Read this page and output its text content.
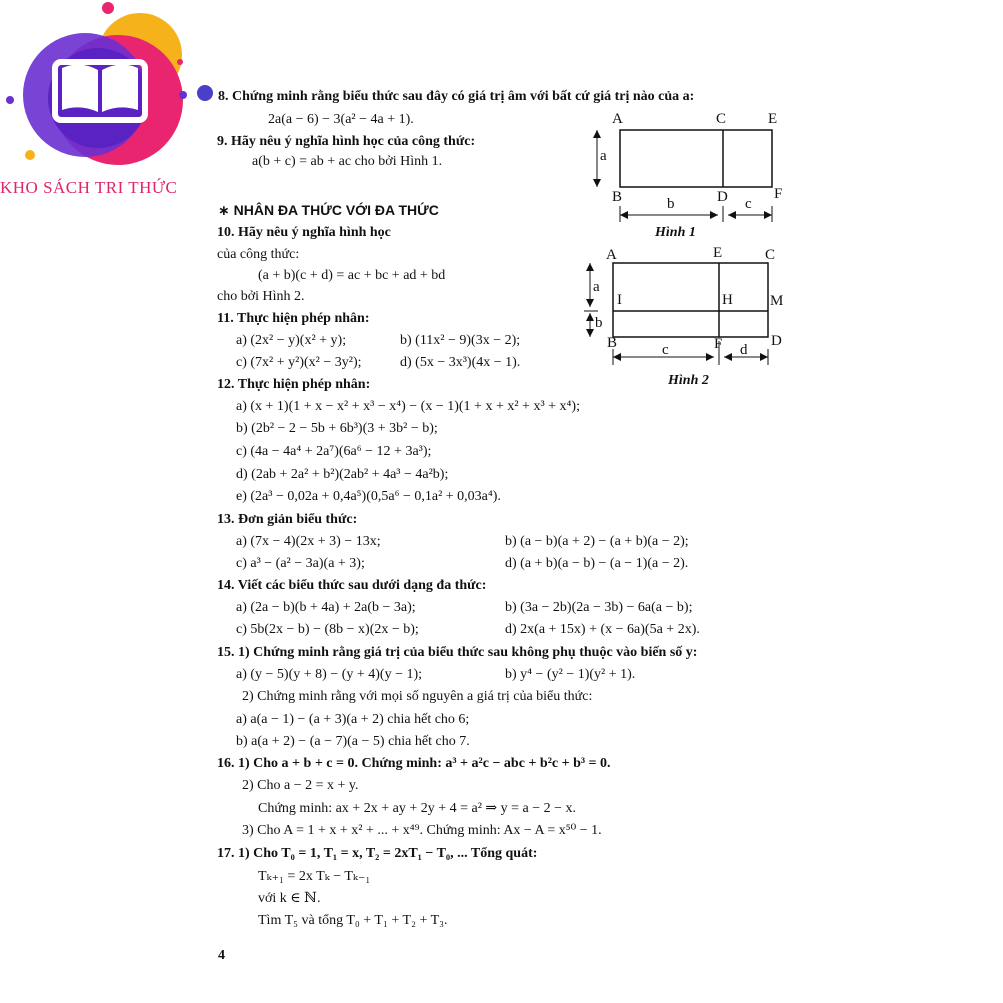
KHO SÁCH TRI THỨC
8. Chứng minh rằng biểu thức sau đây có giá trị âm với bất cứ giá trị nào của a:
2a(a − 6) − 3(a² − 4a + 1).
9. Hãy nêu ý nghĩa hình học của công thức:
a(b + c) = ab + ac cho bởi Hình 1.
∗ NHÂN ĐA THỨC VỚI ĐA THỨC
10. Hãy nêu ý nghĩa hình học
của công thức:
(a + b)(c + d) = ac + bc + ad + bd
cho bởi Hình 2.
11. Thực hiện phép nhân:
a) (2x² − y)(x² + y);	b) (11x² − 9)(3x − 2);
c) (7x² + y²)(x² − 3y²);	d) (5x − 3x³)(4x − 1).
12. Thực hiện phép nhân:
a) (x + 1)(1 + x − x² + x³ − x⁴) − (x − 1)(1 + x + x² + x³ + x⁴);
b) (2b² − 2 − 5b + 6b³)(3 + 3b² − b);
c) (4a − 4a⁴ + 2a⁷)(6a⁶ − 12 + 3a³);
d) (2ab + 2a² + b²)(2ab² + 4a³ − 4a²b);
e) (2a³ − 0,02a + 0,4a⁵)(0,5a⁶ − 0,1a² + 0,03a⁴).
13. Đơn giản biểu thức:
a) (7x − 4)(2x + 3) − 13x;	b) (a − b)(a + 2) − (a + b)(a − 2);
c) a³ − (a² − 3a)(a + 3);	d) (a + b)(a − b) − (a − 1)(a − 2).
14. Viết các biểu thức sau dưới dạng đa thức:
a) (2a − b)(b + 4a) + 2a(b − 3a);	b) (3a − 2b)(2a − 3b) − 6a(a − b);
c) 5b(2x − b) − (8b − x)(2x − b);	d) 2x(a + 15x) + (x − 6a)(5a + 2x).
15. 1) Chứng minh rằng giá trị của biểu thức sau không phụ thuộc vào biến số y:
a) (y − 5)(y + 8) − (y + 4)(y − 1);	b) y⁴ − (y² − 1)(y² + 1).
2) Chứng minh rằng với mọi số nguyên a giá trị của biểu thức:
a) a(a − 1) − (a + 3)(a + 2) chia hết cho 6;
b) a(a + 2) − (a − 7)(a − 5) chia hết cho 7.
16. 1) Cho a + b + c = 0. Chứng minh: a³ + a²c − abc + b²c + b³ = 0.
2) Cho a − 2 = x + y.
Chứng minh: ax + 2x + ay + 2y + 4 = a² ⇒ y = a − 2 − x.
3) Cho A = 1 + x + x² + ... + x⁴⁹. Chứng minh: Ax − A = x⁵⁰ − 1.
17. 1) Cho T₀ = 1, T₁ = x, T₂ = 2xT₁ − T₀, ... Tổng quát:
Tₖ₊₁ = 2x Tₖ − Tₖ₋₁
với k ∈ ℕ.
Tìm T₅ và tổng T₀ + T₁ + T₂ + T₃.
4
A	C	E
a
B	D	F
b	c
Hình 1
A	E	C
a
I	H M
b
B	F	D
c	d
Hình 2
